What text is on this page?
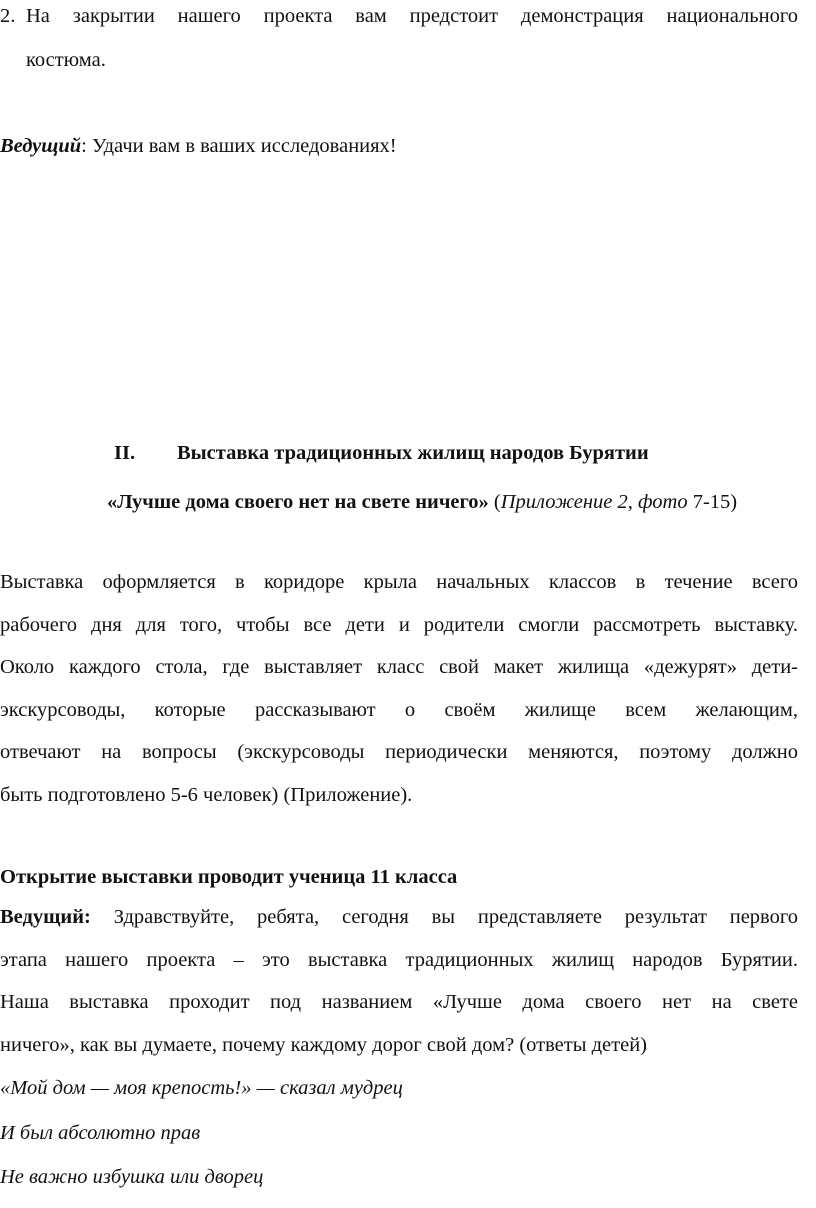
2. На закрытии нашего проекта вам предстоит демонстрация национального
костюма.
Ведущий: Удачи вам в ваших исследованиях!
II. Выставка традиционных жилищ народов Бурятии
«Лучше дома своего нет на свете ничего» (Приложение 2, фото 7-15)
Выставка оформляется в коридоре крыла начальных классов в течение всего
рабочего дня для того, чтобы все дети и родители смогли рассмотреть выставку.
Около каждого стола, где выставляет класс свой макет жилища «дежурят» дети-
экскурсоводы, которые рассказывают о своём жилище всем желающим,
отвечают на вопросы (экскурсоводы периодически меняются, поэтому должно
быть подготовлено 5-6 человек) (Приложение).
Открытие выставки проводит ученица 11 класса
Ведущий: Здравствуйте, ребята, сегодня вы представляете результат первого
этапа нашего проекта – это выставка традиционных жилищ народов Бурятии.
Наша выставка проходит под названием «Лучше дома своего нет на свете
ничего», как вы думаете, почему каждому дорог свой дом? (ответы детей)
«Мой дом — моя крепость!» — сказал мудрец
И был абсолютно прав
Не важно избушка или дворец
